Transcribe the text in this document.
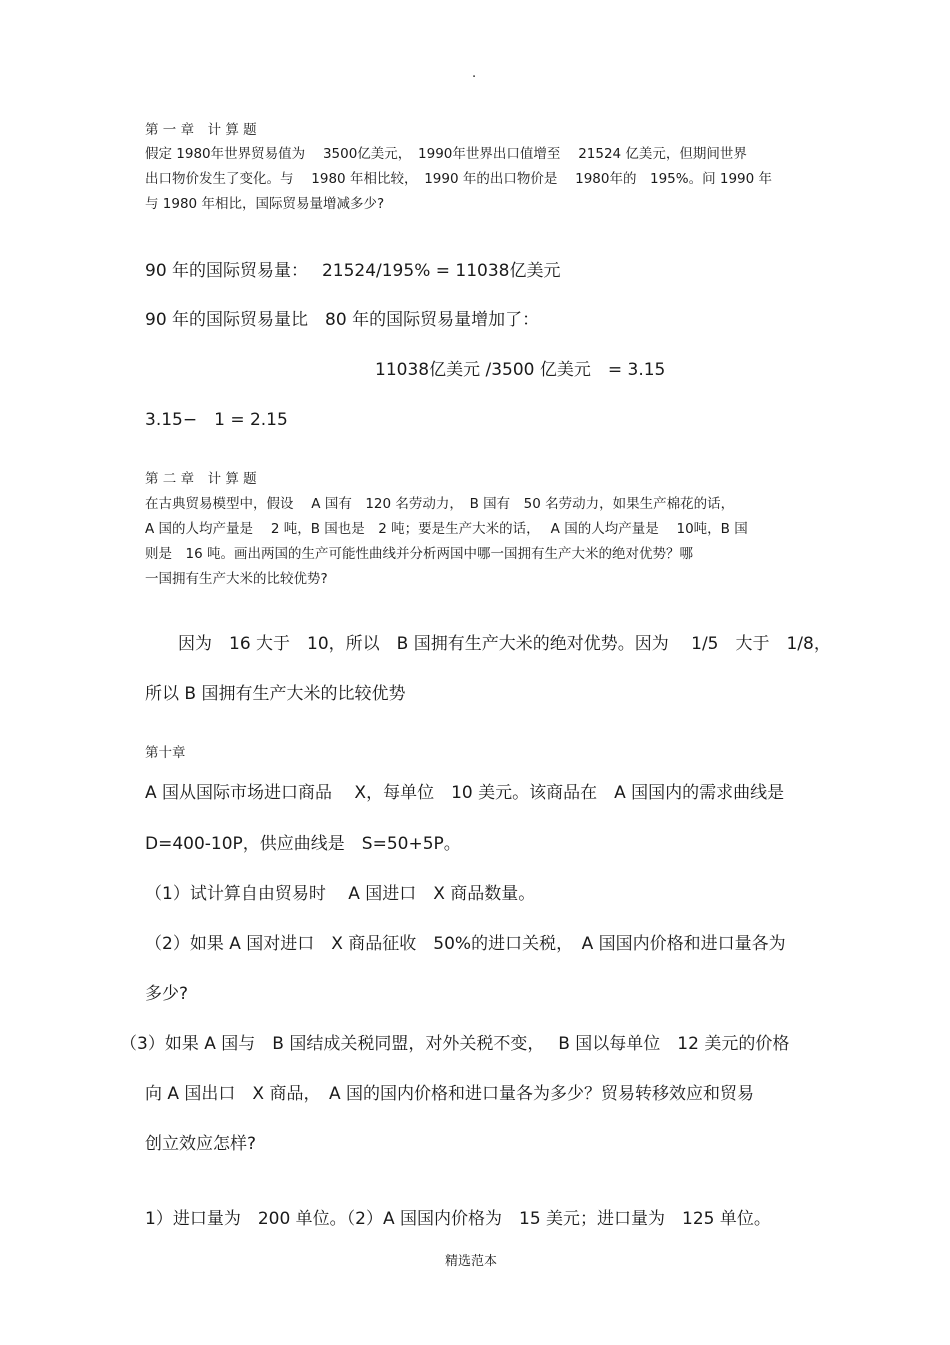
.
第 一 章　计 算 题
假定 1980年世界贸易值为　 3500亿美元，　1990年世界出口值增至　 21524 亿美元，但期间世界
出口物价发生了变化。与　 1980 年相比较，　1990 年的出口物价是　 1980年的　195%。问 1990 年
与 1980 年相比，国际贸易量增减多少?
90 年的国际贸易量：　 21524/195% = 11038亿美元
90 年的国际贸易量比　80 年的国际贸易量增加了：
11038亿美元 /3500 亿美元　= 3.15
3.15−　1 = 2.15
第 二 章　计 算 题
在古典贸易模型中，假设　 A 国有　120 名劳动力，　B 国有　50 名劳动力，如果生产棉花的话，
A 国的人均产量是　 2 吨，B 国也是　2 吨；要是生产大米的话，　 A 国的人均产量是　 10吨，B 国
则是　16 吨。画出两国的生产可能性曲线并分析两国中哪一国拥有生产大米的绝对优势？哪
一国拥有生产大米的比较优势?
因为　16 大于　10，所以　B 国拥有生产大米的绝对优势。因为　 1/5　大于　1/8，
所以 B 国拥有生产大米的比较优势
第十章
A 国从国际市场进口商品　 X，每单位　10 美元。该商品在　A 国国内的需求曲线是
D=400-10P，供应曲线是　S=50+5P。
（1）试计算自由贸易时　 A 国进口　X 商品数量。
（2）如果 A 国对进口　X 商品征收　50%的进口关税，　A 国国内价格和进口量各为
多少?
（3）如果 A 国与　B 国结成关税同盟，对外关税不变，　 B 国以每单位　12 美元的价格
向 A 国出口　X 商品，　A 国的国内价格和进口量各为多少？贸易转移效应和贸易
创立效应怎样?
1）进口量为　200 单位。（2）A 国国内价格为　15 美元；进口量为　125 单位。
精选范本
